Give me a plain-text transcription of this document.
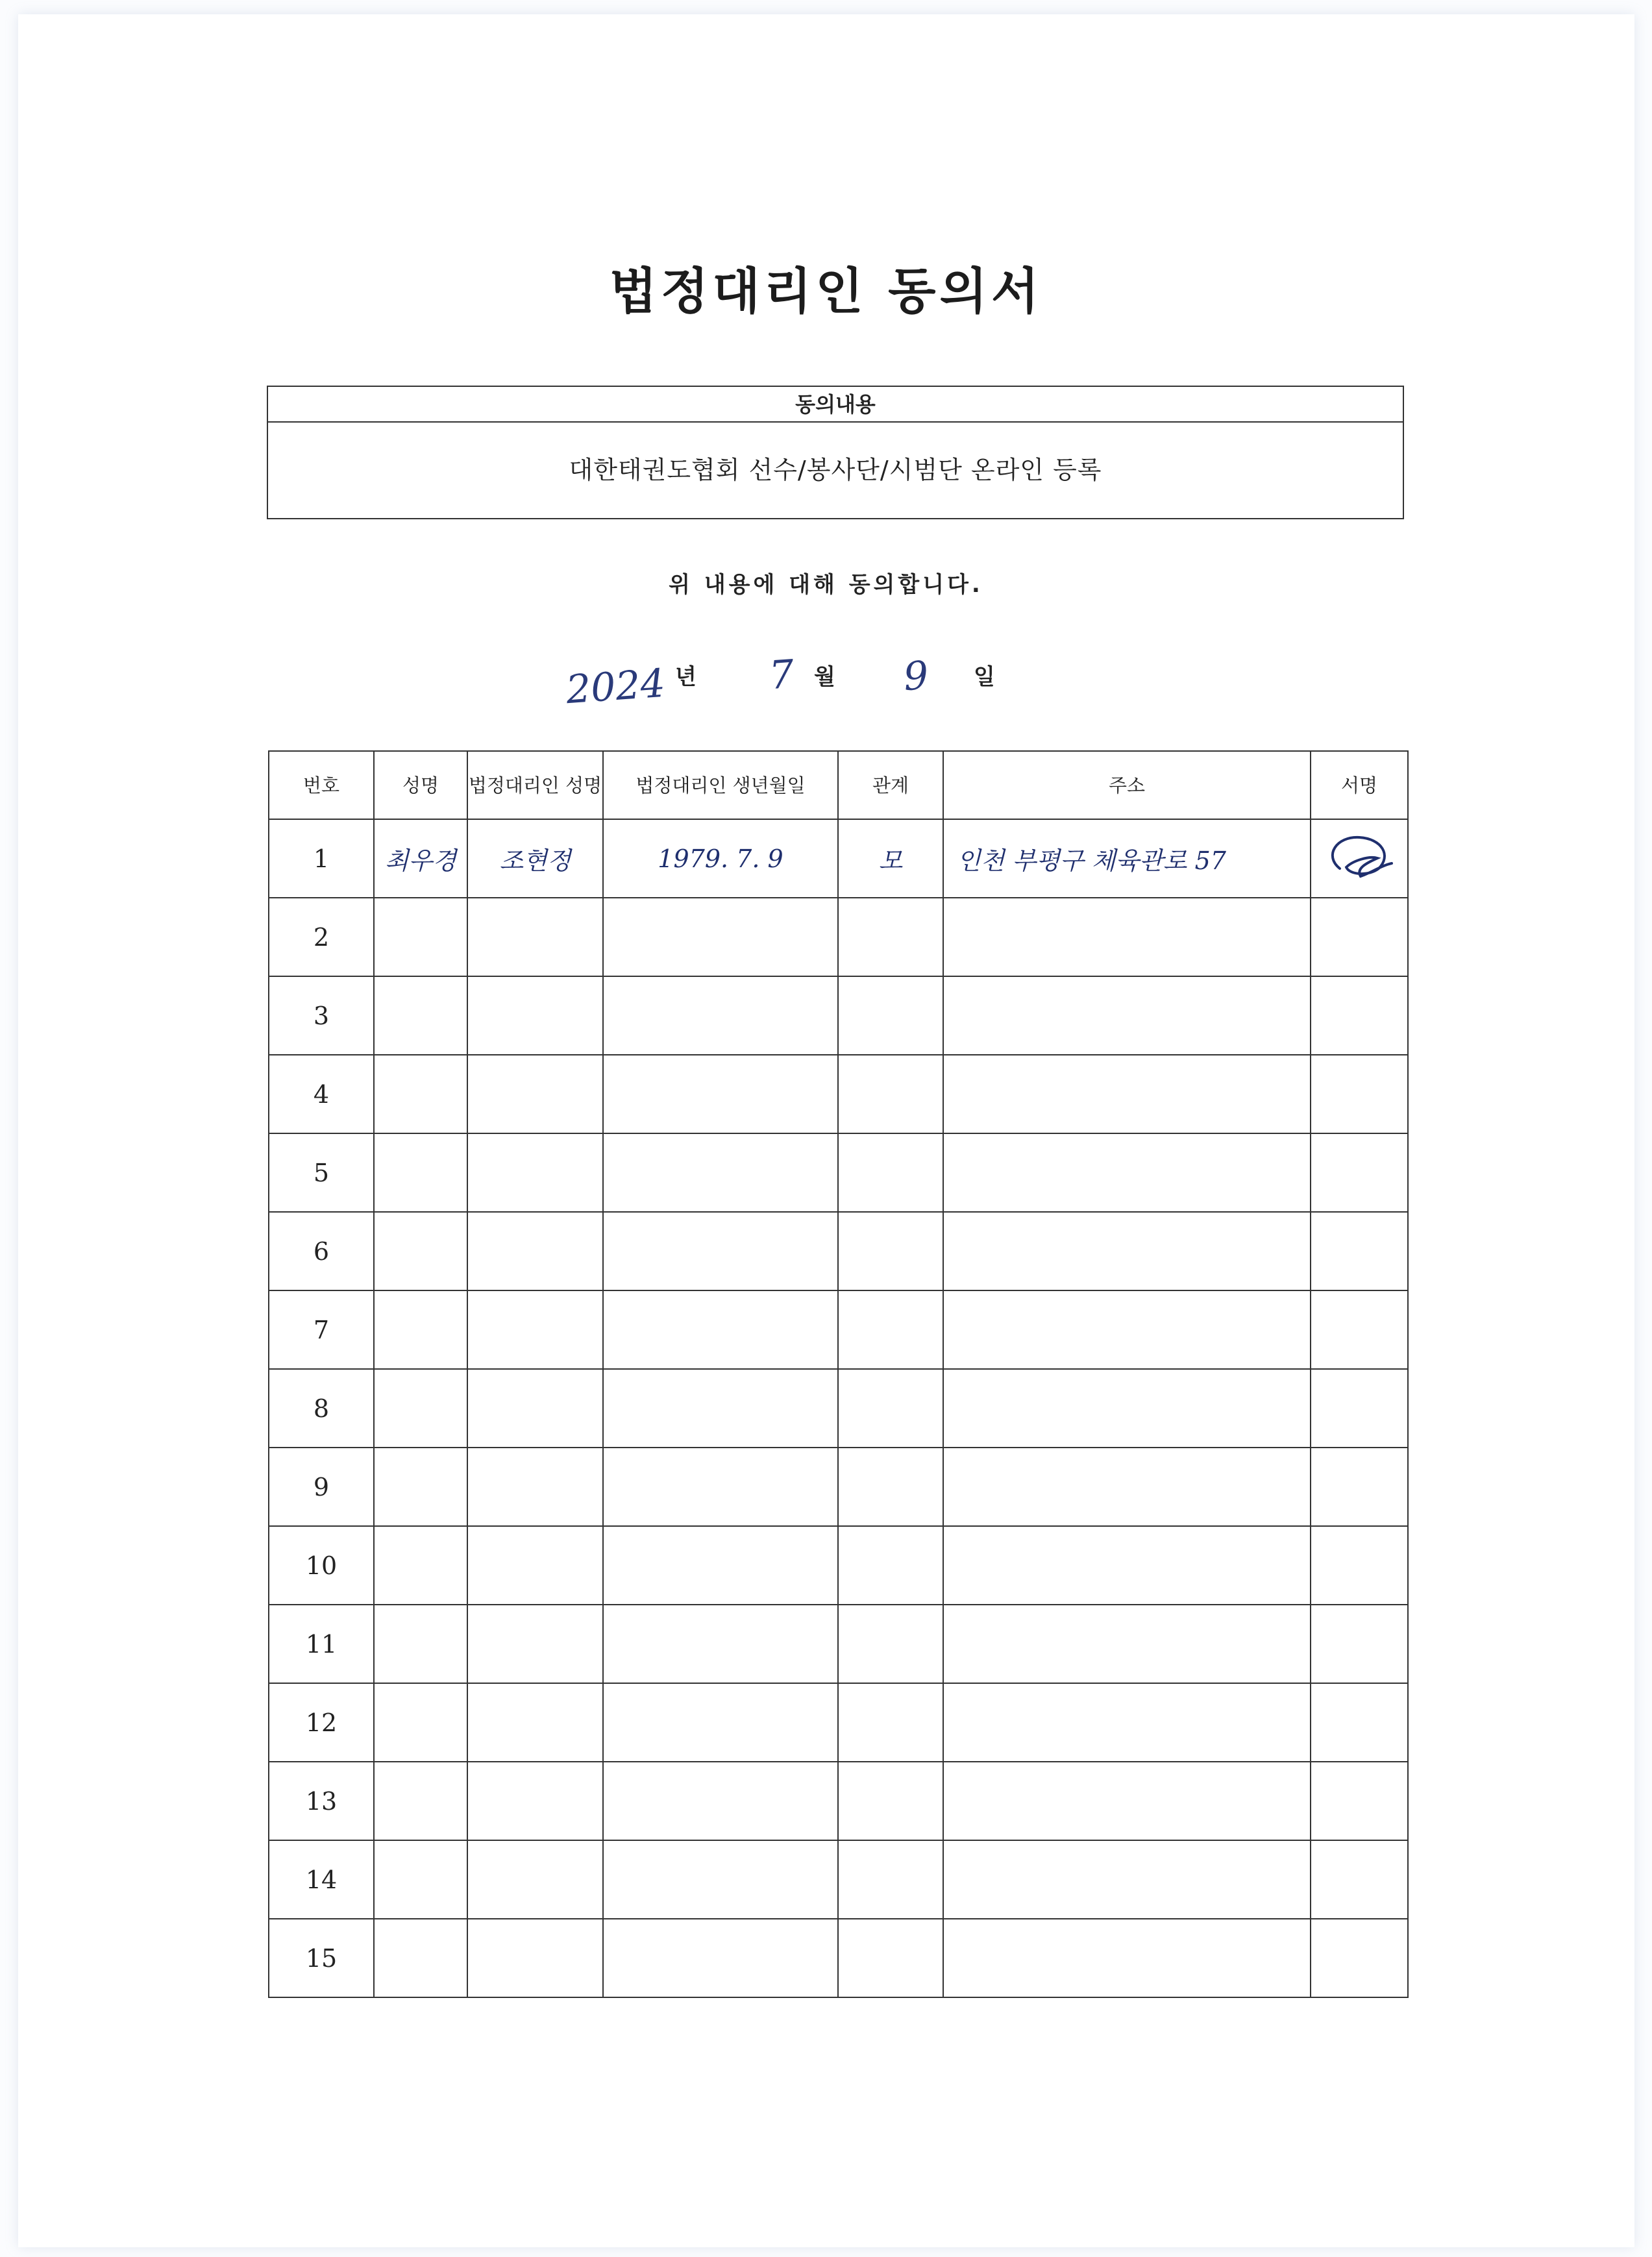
법정대리인 동의서
동의내용
대한태권도협회 선수/봉사단/시범단 온라인 등록
위 내용에 대해 동의합니다.
2024 년 7 월 9 일
번호	성명	법정대리인 성명	법정대리인 생년월일	관계	주소	서명
1	최우경	조현정	1979. 7. 9	모	인천 부평구 체육관로 57	

2						
3						
4						
5						
6						
7						
8						
9						
10						
11						
12						
13						
14						
15						
